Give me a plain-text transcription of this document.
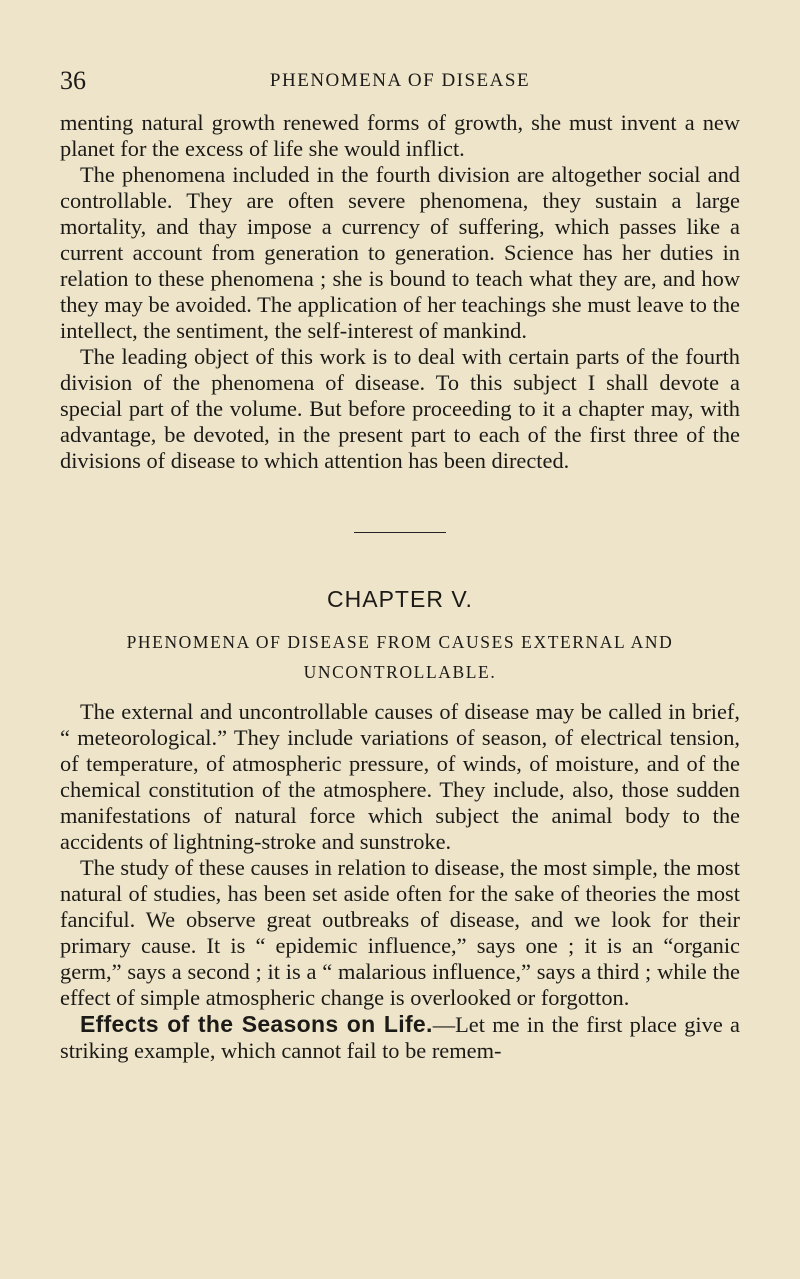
36	PHENOMENA OF DISEASE

menting natural growth renewed forms of growth, she must invent a new planet for the excess of life she would inflict.

The phenomena included in the fourth division are altogether social and controllable. They are often severe phenomena, they sustain a large mortality, and thay impose a currency of suffering, which passes like a current account from generation to generation. Science has her duties in relation to these phenomena ; she is bound to teach what they are, and how they may be avoided. The application of her teachings she must leave to the intellect, the sentiment, the self-interest of mankind.

The leading object of this work is to deal with certain parts of the fourth division of the phenomena of disease. To this subject I shall devote a special part of the volume. But before proceeding to it a chapter may, with advantage, be devoted, in the present part to each of the first three of the divisions of disease to which attention has been directed.

CHAPTER V.
PHENOMENA OF DISEASE FROM CAUSES EXTERNAL AND
UNCONTROLLABLE.

The external and uncontrollable causes of disease may be called in brief, “ meteorological.” They include variations of season, of electrical tension, of temperature, of atmospheric pressure, of winds, of moisture, and of the chemical constitution of the atmosphere. They include, also, those sudden manifestations of natural force which subject the animal body to the accidents of lightning-stroke and sunstroke.

The study of these causes in relation to disease, the most simple, the most natural of studies, has been set aside often for the sake of theories the most fanciful. We observe great outbreaks of disease, and we look for their primary cause. It is “ epidemic influence,” says one ; it is an “organic germ,” says a second ; it is a “ malarious influence,” says a third ; while the effect of simple atmospheric change is overlooked or forgotton.

Effects of the Seasons on Life.—Let me in the first place give a striking example, which cannot fail to be remem-
